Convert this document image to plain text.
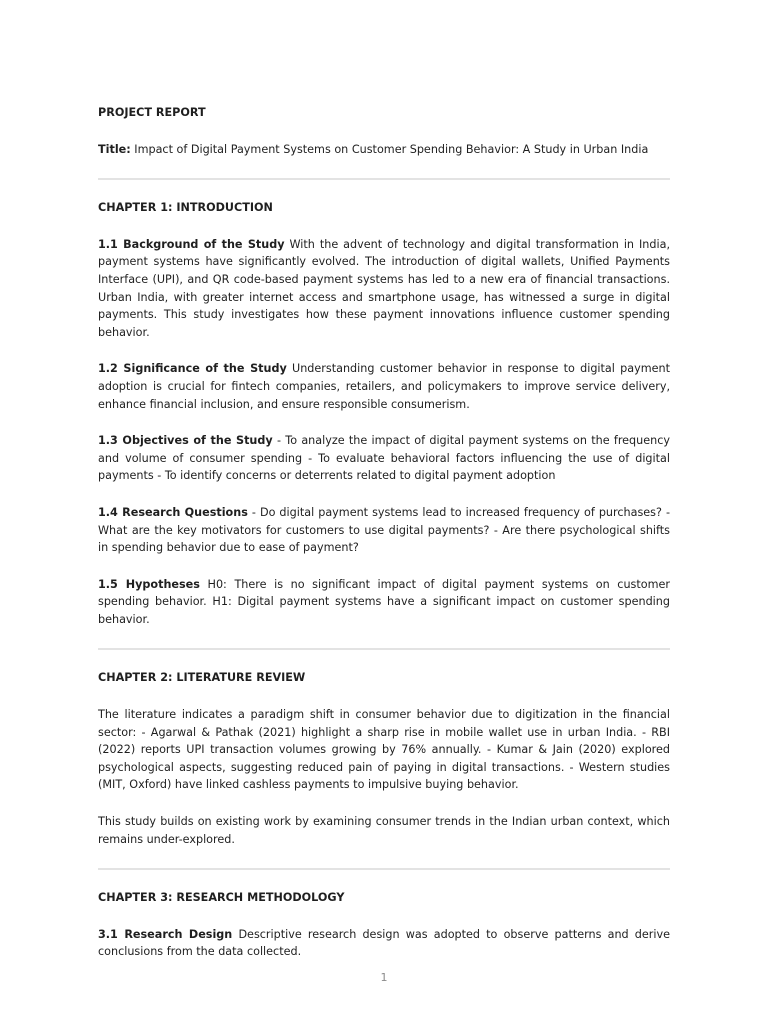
PROJECT REPORT

Title: Impact of Digital Payment Systems on Customer Spending Behavior: A Study in Urban India

CHAPTER 1: INTRODUCTION

1.1 Background of the Study With the advent of technology and digital transformation in India, payment systems have significantly evolved. The introduction of digital wallets, Unified Payments Interface (UPI), and QR code-based payment systems has led to a new era of financial transactions. Urban India, with greater internet access and smartphone usage, has witnessed a surge in digital payments. This study investigates how these payment innovations influence customer spending behavior.

1.2 Significance of the Study Understanding customer behavior in response to digital payment adoption is crucial for fintech companies, retailers, and policymakers to improve service delivery, enhance financial inclusion, and ensure responsible consumerism.

1.3 Objectives of the Study - To analyze the impact of digital payment systems on the frequency and volume of consumer spending - To evaluate behavioral factors influencing the use of digital payments - To identify concerns or deterrents related to digital payment adoption

1.4 Research Questions - Do digital payment systems lead to increased frequency of purchases? - What are the key motivators for customers to use digital payments? - Are there psychological shifts in spending behavior due to ease of payment?

1.5 Hypotheses H0: There is no significant impact of digital payment systems on customer spending behavior. H1: Digital payment systems have a significant impact on customer spending behavior.

CHAPTER 2: LITERATURE REVIEW

The literature indicates a paradigm shift in consumer behavior due to digitization in the financial sector: - Agarwal & Pathak (2021) highlight a sharp rise in mobile wallet use in urban India. - RBI (2022) reports UPI transaction volumes growing by 76% annually. - Kumar & Jain (2020) explored psychological aspects, suggesting reduced pain of paying in digital transactions. - Western studies (MIT, Oxford) have linked cashless payments to impulsive buying behavior.

This study builds on existing work by examining consumer trends in the Indian urban context, which remains under-explored.

CHAPTER 3: RESEARCH METHODOLOGY

3.1 Research Design Descriptive research design was adopted to observe patterns and derive conclusions from the data collected.

1
